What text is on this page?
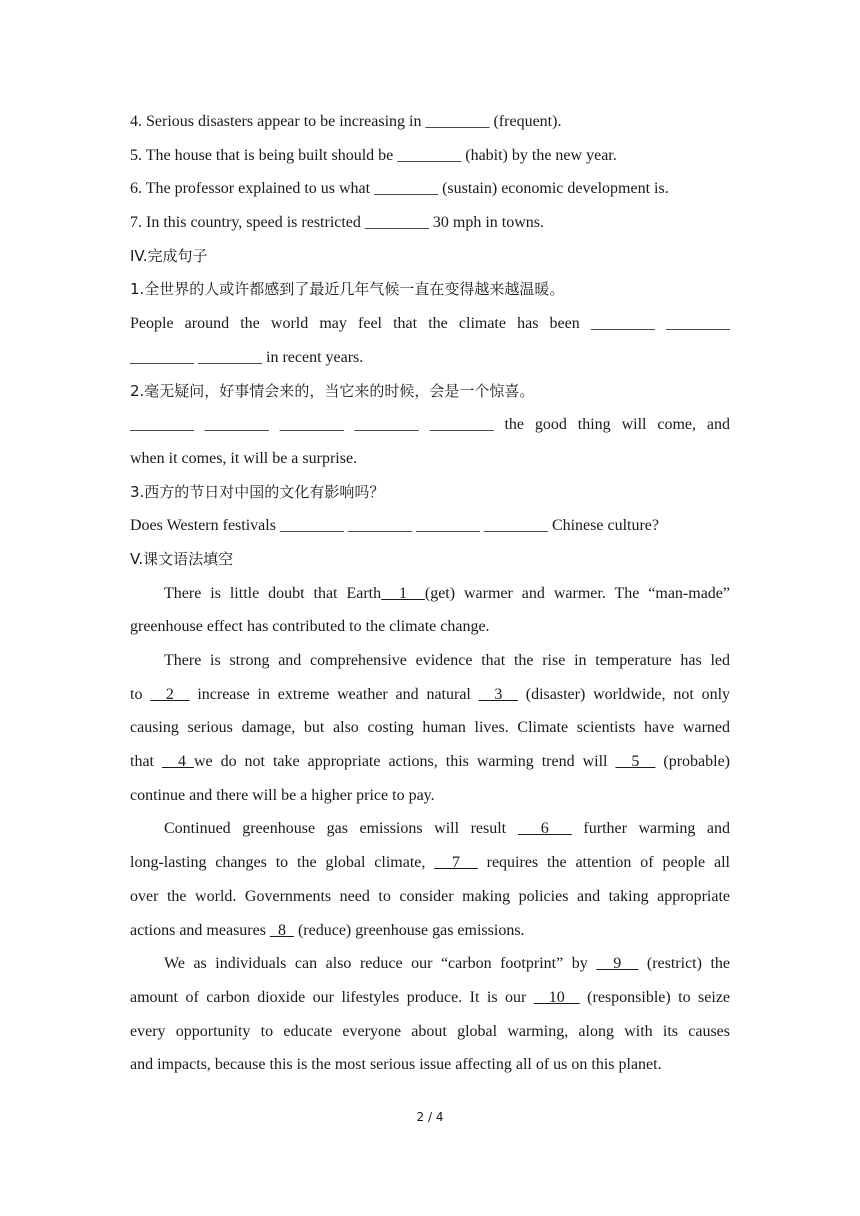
4. Serious disasters appear to be increasing in ________ (frequent).
5. The house that is being built should be ________ (habit) by the new year.
6. The professor explained to us what ________ (sustain) economic development is.
7. In this country, speed is restricted ________ 30 mph in towns.
IV.完成句子
1.全世界的人或许都感到了最近几年气候一直在变得越来越温暖。
People around the world may feel that the climate has been ________ ________
________ ________ in recent years.
2.毫无疑问，好事情会来的，当它来的时候，会是一个惊喜。
________ ________ ________ ________ ________ the good thing will come, and
when it comes, it will be a surprise.
3.西方的节日对中国的文化有影响吗？
Does Western festivals ________ ________ ________ ________ Chinese culture?
V.课文语法填空
There is little doubt that Earth  1  (get) warmer and warmer. The “man-made”
greenhouse effect has contributed to the climate change.
There is strong and comprehensive evidence that the rise in temperature has led
to   2   increase in extreme weather and natural   3   (disaster) worldwide, not only
causing serious damage, but also costing human lives. Climate scientists have warned
that   4 we do not take appropriate actions, this warming trend will   5   (probable)
continue and there will be a higher price to pay.
Continued greenhouse gas emissions will result   6   further warming and
long-lasting changes to the global climate,   7   requires the attention of people all
over the world. Governments need to consider making policies and taking appropriate
actions and measures   8   (reduce) greenhouse gas emissions.
We as individuals can also reduce our “carbon footprint” by   9   (restrict) the
amount of carbon dioxide our lifestyles produce. It is our   10   (responsible) to seize
every opportunity to educate everyone about global warming, along with its causes
and impacts, because this is the most serious issue affecting all of us on this planet.
2 / 4
